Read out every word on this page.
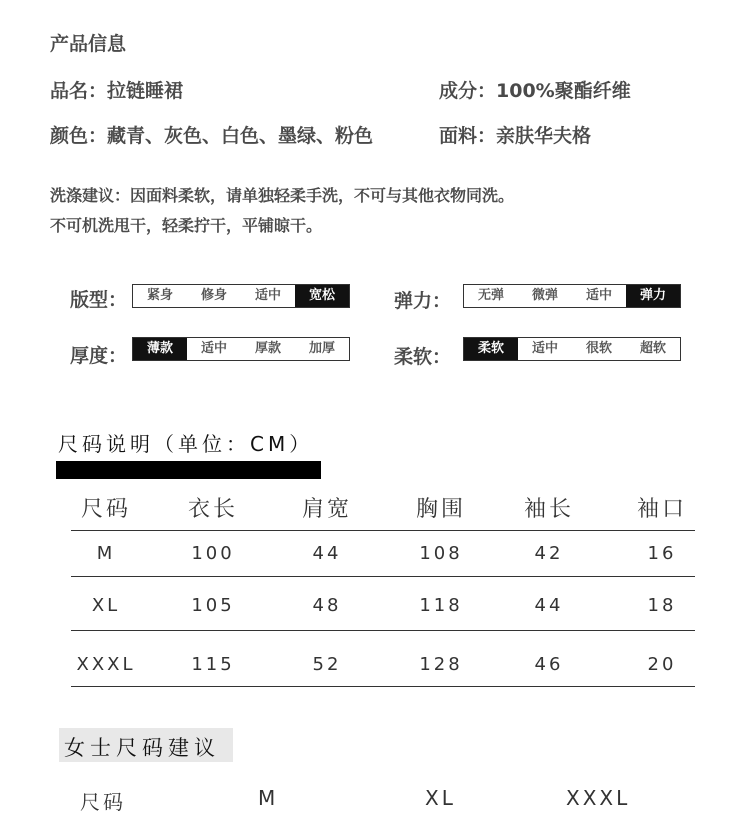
产品信息
品名：拉链睡裙	成分：100%聚酯纤维
颜色：藏青、灰色、白色、墨绿、粉色	面料：亲肤华夫格
洗涤建议：因面料柔软，请单独轻柔手洗，不可与其他衣物同洗。
不可机洗甩干，轻柔拧干，平铺晾干。
版型：	紧身	修身	适中	宽松	弹力：	无弹	微弹	适中	弹力
厚度：	薄款	适中	厚款	加厚	柔软：	柔软	适中	很软	超软
尺码说明（单位：CM）
尺码	衣长	肩宽	胸围	袖长	袖口
M	100	44	108	42	16
XL	105	48	118	44	18
XXXL	115	52	128	46	20
女士尺码建议
尺码	M	XL	XXXL
